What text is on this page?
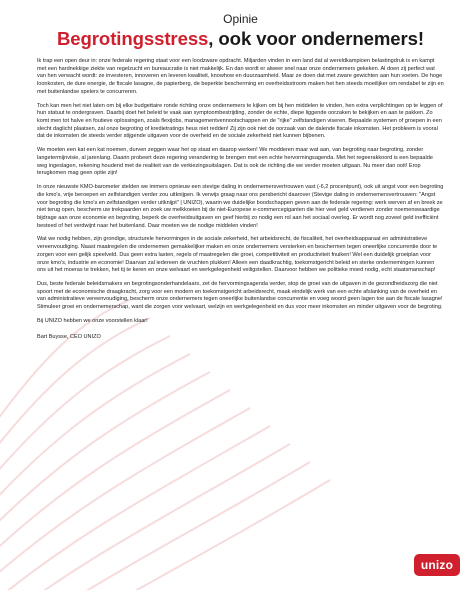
Opinie

Begrotingsstress, ook voor ondernemers!

Ik trap een open deur in: onze federale regering staat voor een loodzware opdracht. Miljarden vinden in een land dat al wereldkampioen belastingdruk is en kampt met een hardnekkige ziekte van regelzucht en bureaucratie is niet makkelijk. En dan wordt er alweer snel naar onze ondernemers gekeken. Al doen zij perfect wat van hen verwacht wordt: ze investeren, innoveren en leveren kwaliteit, knowhow en duurzaamheid. Maar ze doen dat met zware gewichten aan hun voeten. De hoge loonkosten, de dure energie, de fiscale lasagne, de papierberg, de beperkte bescherming en overheidsstroom maken het hen steeds moeilijker om rendabel te zijn en met buitenlandse spelers te concurreren.

Toch kan men het niet laten om bij elke budgettaire ronde richting onze ondernemers te kijken om bij hen middelen te vinden, hen extra verplichtingen op te leggen of hun statuut te ondergraven. Daarbij doet het beleid te vaak aan symptoombestrijding, zonder de echte, diepe liggende oorzaken te bekijken en aan te pakken. Zo komt men tot halve en foutieve oplossingen, zoals flexijobs, managementvennootschappen en de "rijke" zelfstandigen viseren. Bepaalde systemen of groepen in een slecht daglicht plaatsen, zal onze begroting of kredietratings heus niet redden! Zij zijn ook niet de oorzaak van de dalende fiscale inkomsten. Het probleem is vooral dat de inkomsten de steeds verder stijgende uitgaven voor de overheid en de sociale zekerheid niet kunnen bijbenen.

We moeten een kat een kat noemen, durven zeggen waar het op staat en daarop werken! We modderen maar wat aan, van begroting naar begroting, zonder langetermijnvisie, al jarenlang. Daarin probeert deze regering verandering te brengen met een echte hervormingsagenda. Met het regeerakkoord is een bepaalde weg ingeslagen, rekening houdend met de realiteit van de verkiezingsuitslagen. Dat is ook de richting die we verder moeten uitgaan. Nu meer dan ooit! Erop terugkomen mag geen optie zijn!

In onze nieuwste KMO-barometer stelden we immers opnieuw een stevige daling in ondernemersvertrouwen vast (-6,2 procentpunt), ook uit angst voor een begroting die kmo's, vrije beroepen en zelfstandigen verder zou uitknijpen. Ik verwijs graag naar ons persbericht daarover (Stevige daling in ondernemersvertrouwen: "Angst voor begroting die kmo's en zelfstandigen verder uitknijpt" | UNIZO), waarin we duidelijke boodschappen geven aan de federale regering: werk werven af en breek ze niet terug open, bescherm uw trekpaarden en zoek uw melkkoeien bij de niet-Europese e-commercegiganten die hier veel geld verdienen zonder noemenswaardige bijdrage aan onze economie en begroting, beperk de overheidsuitgaven en geef hierbij zo nodig een rol aan het sociaal overleg. Er wordt nog zoveel geld inefficiënt besteed of het verdwijnt naar het buitenland. Daar moeten we de nodige middelen vinden!

Wat we nodig hebben, zijn grondige, structurele hervormingen in de sociale zekerheid, het arbeidsrecht, de fiscaliteit, het overheidsapparaat en administratieve vereenvoudiging. Naast maatregelen die ondernemen gemakkelijker maken en onze ondernemers versterken en beschermen tegen oneerlijke concurrentie door te zorgen voor een gelijk speelveld. Dus geen extra lasten, regels of maatregelen die groei, competitiviteit en productiviteit fnuiken! Wel een duidelijk groeiplan voor onze kmo's, industrie en economie! Daarvan zal iedereen de vruchten plukken! Alleen een daadkrachtig, toekomstgericht beleid en sterke ondernemingen kunnen ons uit het moeras te trekken, het tij te keren en onze welvaart en werkgelegenheid veiligstellen. Daarvoor hebben we politieke moed nodig, echt staatsmanschap!

Dus, beste federale beleidsmakers en begrotingsonderhandelaars, zet de hervormingsagenda verder, stop de groei van de uitgaven in de gezondheidszorg die niet spoort met de economische draagkracht, zorg voor een modern en toekomstgericht arbeidsrecht, maak eindelijk werk van een echte afslanking van de overheid en van administratieve vereenvoudiging, bescherm onze ondernemers tegen oneerlijke buitenlandse concurrentie en voeg woord geen lagen toe aan de fiscale lasagne! Stimuleer groei en ondernemerschap, want die zorgen voor welvaart, welzijn en werkgelegenheid en dus voor meer inkomsten en minder uitgaven voor de begroting.

Bij UNIZO hebben we onze voorstellen klaar!

Bart Buysse, CEO UNIZO

unizo
